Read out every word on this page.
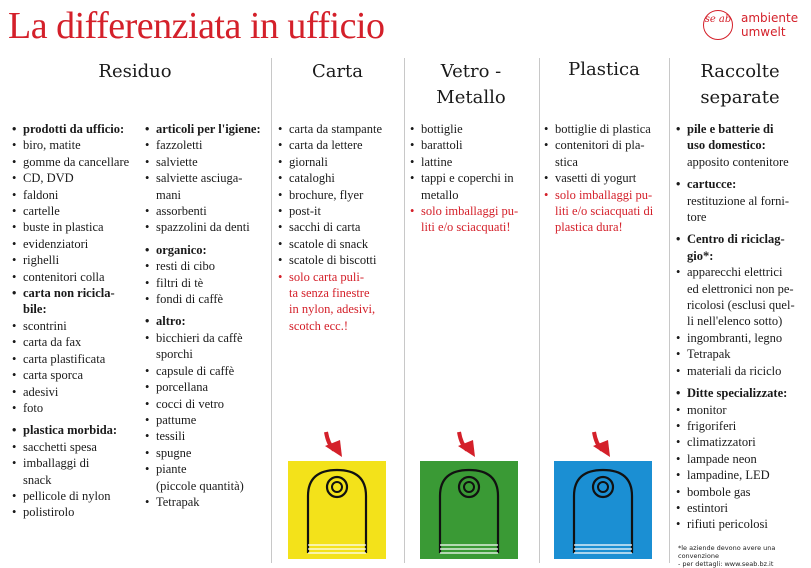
La differenziata in ufficio	se ab ambiente
umwelt
Residuo	Carta	Vetro - Metallo
Plastica	Raccolte
separate
• prodotti da ufficio:
• biro, matite
• gomme da cancellare
• CD, DVD
• faldoni
• cartelle
• buste in plastica
• evidenziatori
• righelli
• contenitori colla
• carta non ricicla-
bile:
• scontrini
• carta da fax
• carta plastificata
• carta sporca
• adesivi
• foto
• plastica morbida:
• sacchetti spesa
• imballaggi di
snack
• pellicole di nylon
• polistirolo
• articoli per l'igiene:
• fazzoletti
• salviette
• salviette asciuga-
mani
• assorbenti
• spazzolini da denti
• organico:
• resti di cibo
• filtri di tè
• fondi di caffè
• altro:
• bicchieri da caffè
sporchi
• capsule di caffè
• porcellana
• cocci di vetro
• pattume
• tessili
• spugne
• piante
(piccole quantità)
• Tetrapak
• carta da stampante
• carta da lettere
• giornali
• cataloghi
• brochure, flyer
• post-it
• sacchi di carta
• scatole di snack
• scatole di biscotti
• solo carta puli-
ta senza finestre
in nylon, adesivi,
scotch ecc.!
• bottiglie
• barattoli
• lattine
• tappi e coperchi in
metallo
• solo imballaggi pu-
liti e/o sciacquati!
• bottiglie di plastica
• contenitori di pla-
stica
• vasetti di yogurt
• solo imballaggi pu-
liti e/o sciacquati di
plastica dura!
• pile e batterie di
uso domestico:
apposito contenitore
• cartucce:
restituzione al forni-
tore
• Centro di riciclag-
gio*:
• apparecchi elettrici
ed elettronici non pe-
ricolosi (esclusi quel-
li nell'elenco sotto)
• ingombranti, legno
• Tetrapak
• materiali da riciclo
• Ditte specializzate:
• monitor
• frigoriferi
• climatizzatori
• lampade neon
• lampadine, LED
• bombole gas
• estintori
• rifiuti pericolosi
*le aziende devono avere una convenzione
- per dettagli: www.seab.bz.it
